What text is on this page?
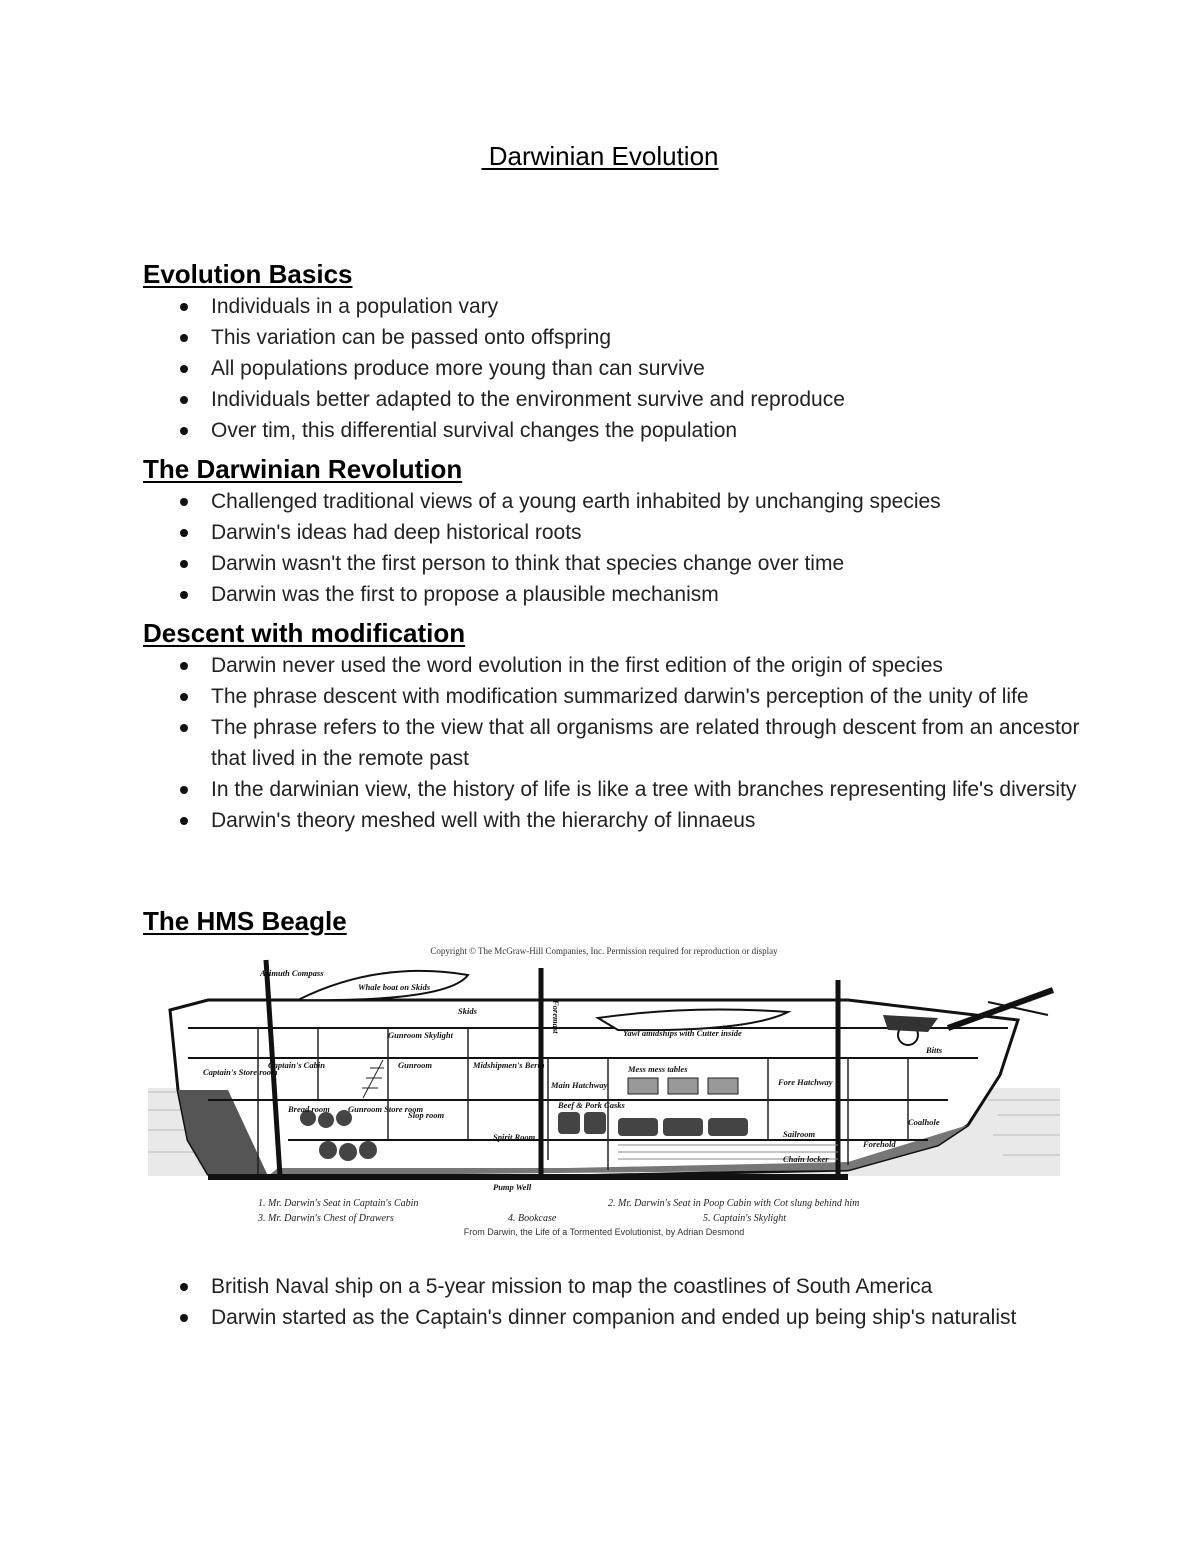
Darwinian Evolution
Evolution Basics
Individuals in a population vary
This variation can be passed onto offspring
All populations produce more young than can survive
Individuals better adapted to the environment survive and reproduce
Over tim, this differential survival changes the population
The Darwinian Revolution
Challenged traditional views of a young earth inhabited by unchanging species
Darwin's ideas had deep historical roots
Darwin wasn't the first person to think that species change over time
Darwin was the first to propose a plausible mechanism
Descent with modification
Darwin never used the word evolution in the first edition of the origin of species
The phrase descent with modification summarized darwin's perception of the unity of life
The phrase refers to the view that all organisms are related through descent from an ancestor that lived in the remote past
In the darwinian view, the history of life is like a tree with branches representing life's diversity
Darwin's theory meshed well with the hierarchy of linnaeus
The HMS Beagle
Copyright © The McGraw-Hill Companies, Inc. Permission required for reproduction or display
Azimuth Compass
Whale boat on Skids
Skids
Gunroom Skylight	Yawl amidships with Cutter inside
Bitts
Captain's Cabin
Captain's Store room
Gunroom	Midshipmen's Berth
Main Hatchway
Mess mess tables
Fore Hatchway
Coalhole
Bread room Gunroom Store room
Slop room
Spirit Room
Beef & Pork Casks
Sailroom
Chain locker
Forehold
Pump Well
Foremast
1. Mr. Darwin's Seat in Captain's Cabin	2. Mr. Darwin's Seat in Poop Cabin with Cot slung behind him
3. Mr. Darwin's Chest of Drawers	4. Bookcase	5. Captain's Skylight
From Darwin, the Life of a Tormented Evolutionist, by Adrian Desmond
British Naval ship on a 5-year mission to map the coastlines of South America
Darwin started as the Captain's dinner companion and ended up being ship's naturalist
